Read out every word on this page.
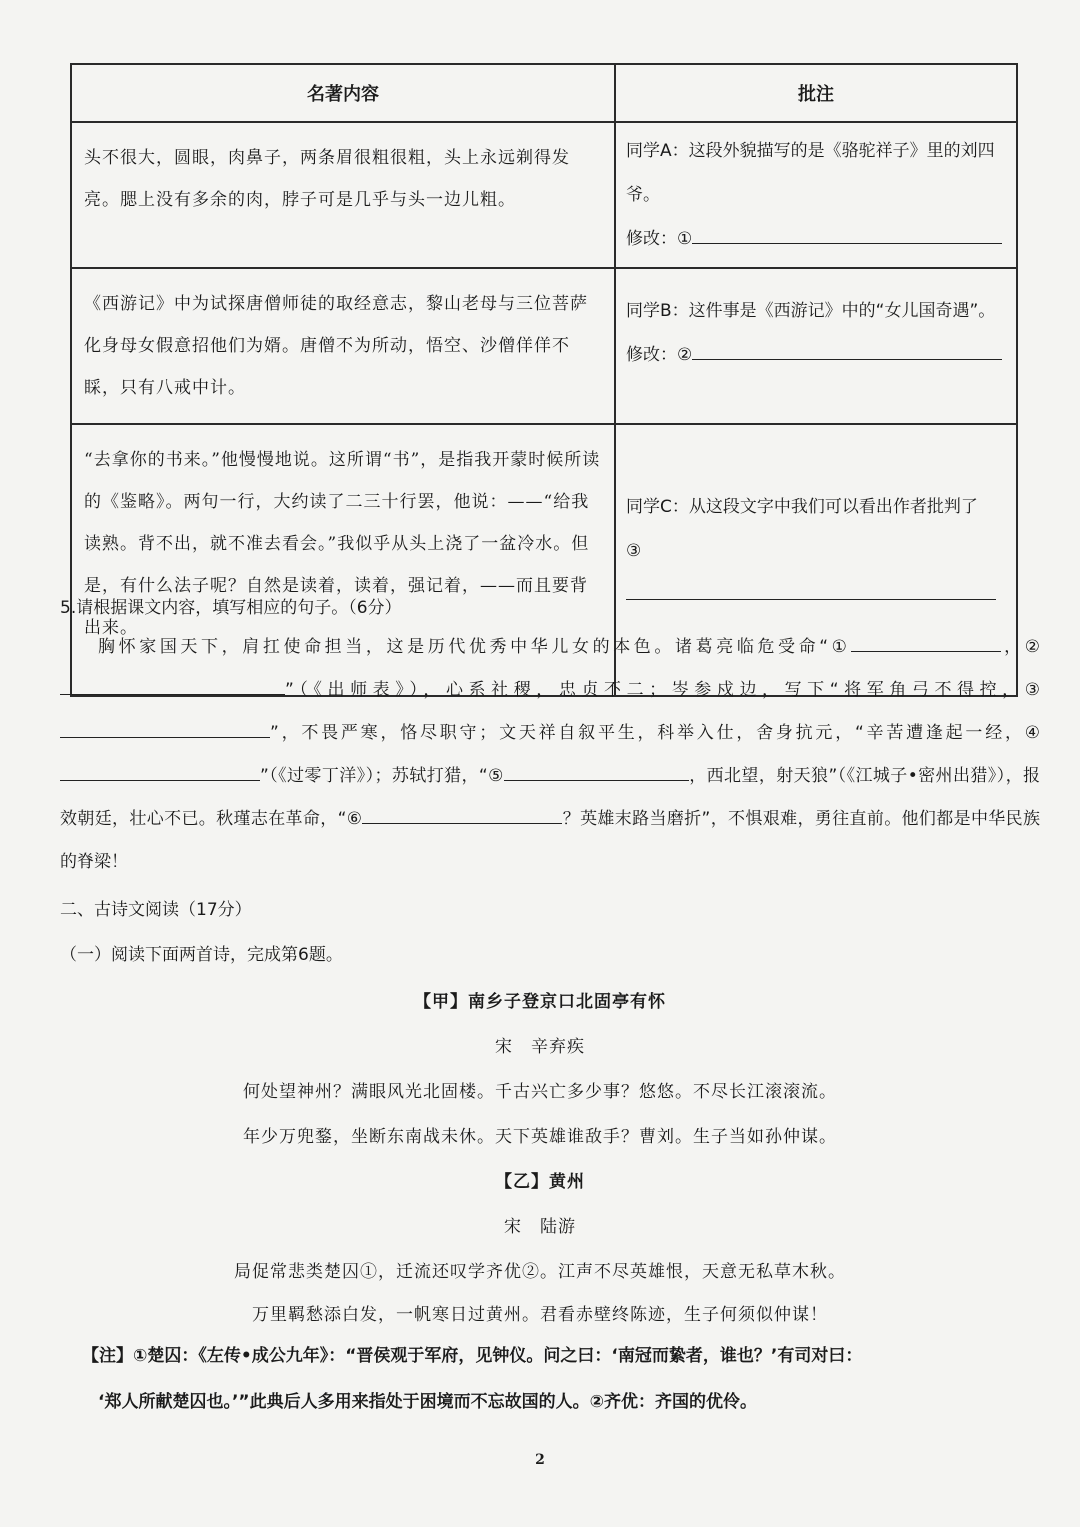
名著内容	批注
头不很大，圆眼，肉鼻子，两条眉很粗很粗，头上永远剃得发亮。腮上没有多余的肉，脖子可是几乎与头一边儿粗。	同学A：这段外貌描写的是《骆驼祥子》里的刘四爷。
修改：①

《西游记》中为试探唐僧师徒的取经意志，黎山老母与三位菩萨化身母女假意招他们为婿。唐僧不为所动，悟空、沙僧佯佯不睬，只有八戒中计。	同学B：这件事是《西游记》中的“女儿国奇遇”。
修改：②

“去拿你的书来。”他慢慢地说。这所谓“书”，是指我开蒙时候所读的《鉴略》。两句一行，大约读了二三十行罢，他说：——“给我读熟。背不出，就不准去看会。”我似乎从头上浇了一盆冷水。但是，有什么法子呢？自然是读着，读着，强记着，——而且要背出来。	同学C：从这段文字中我们可以看出作者批判了
③
5.请根据课文内容，填写相应的句子。（6分）
胸怀家国天下，肩扛使命担当，这是历代优秀中华儿女的本色。诸葛亮临危受命“①	，②”（《出师表》），心系社稷，忠贞不二；岑参戍边，写下“将军角弓不得控，③”，不畏严寒，恪尽职守；文天祥自叙平生，科举入仕，舍身抗元，“辛苦遭逢起一经，④”（《过零丁洋》）；苏轼打猎，“⑤	，西北望，射天狼”（《江城子•密州出猎》），报效朝廷，壮心不已。秋瑾志在革命，“⑥	？英雄末路当磨折”，不惧艰难，勇往直前。他们都是中华民族的脊梁！
二、古诗文阅读（17分）
（一）阅读下面两首诗，完成第6题。
【甲】南乡子登京口北固亭有怀
宋　辛弃疾
何处望神州？满眼风光北固楼。千古兴亡多少事？悠悠。不尽长江滚滚流。
年少万兜鍪，坐断东南战未休。天下英雄谁敌手？曹刘。生子当如孙仲谋。
【乙】黄州
宋　陆游
局促常悲类楚囚①，迁流还叹学齐优②。江声不尽英雄恨，天意无私草木秋。
万里羁愁添白发，一帆寒日过黄州。君看赤壁终陈迹，生子何须似仲谋！
【注】①楚囚：《左传•成公九年》：“晋侯观于军府，见钟仪。问之曰：‘南冠而絷者，谁也？’有司对曰：
‘郑人所献楚囚也。’”此典后人多用来指处于困境而不忘故国的人。②齐优：齐国的优伶。
2
